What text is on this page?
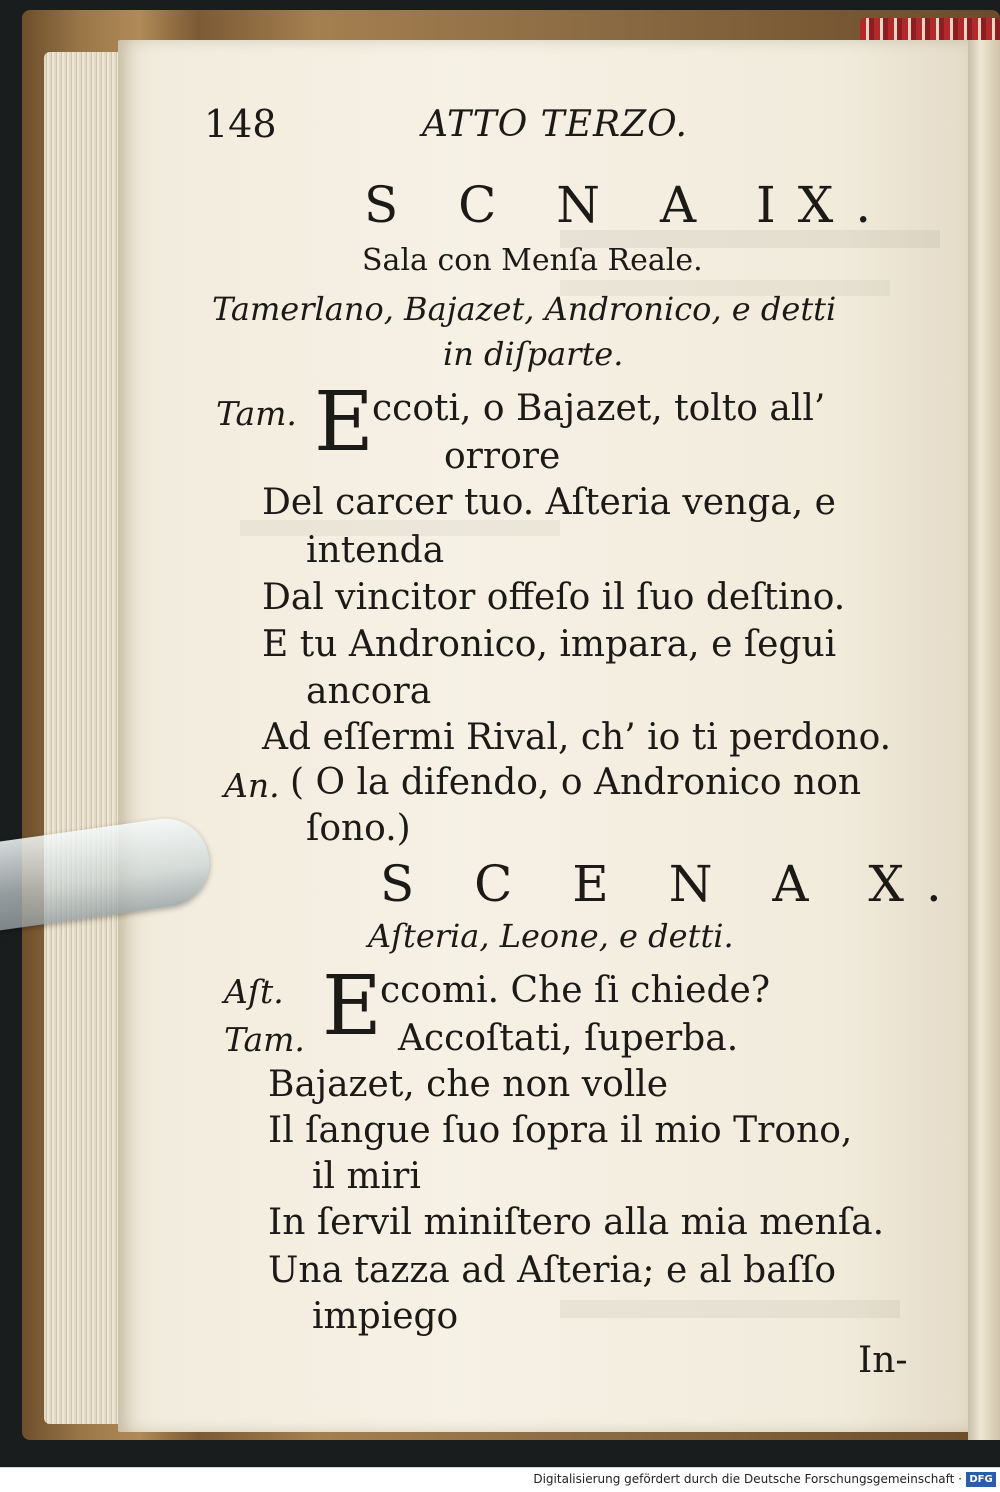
148	ATTO TERZO.
S C N A IX.
Sala con Menſa Reale.
Tamerlano, Bajazet, Andronico, e detti
in diſparte.
Tam. E
ccoti, o Bajazet, tolto all’
orrore
Del carcer tuo. Aſteria venga, e
intenda
Dal vincitor offeſo il ſuo deſtino.
E tu Andronico, impara, e ſegui
ancora
Ad eſſermi Rival, ch’ io ti perdono.
An. ( O la difendo, o Andronico non
ſono.)
S C E N A X.
Aſteria, Leone, e detti.
Aſt. E
ccomi. Che ſi chiede?
Tam.	Accoſtati, ſuperba.
Bajazet, che non volle
Il ſangue ſuo ſopra il mio Trono,
il miri
In ſervil miniſtero alla mia menſa.
Una tazza ad Aſteria; e al baſſo
impiego
In-
Digitalisierung gefördert durch die Deutsche Forschungsgemeinschaft · DFG
